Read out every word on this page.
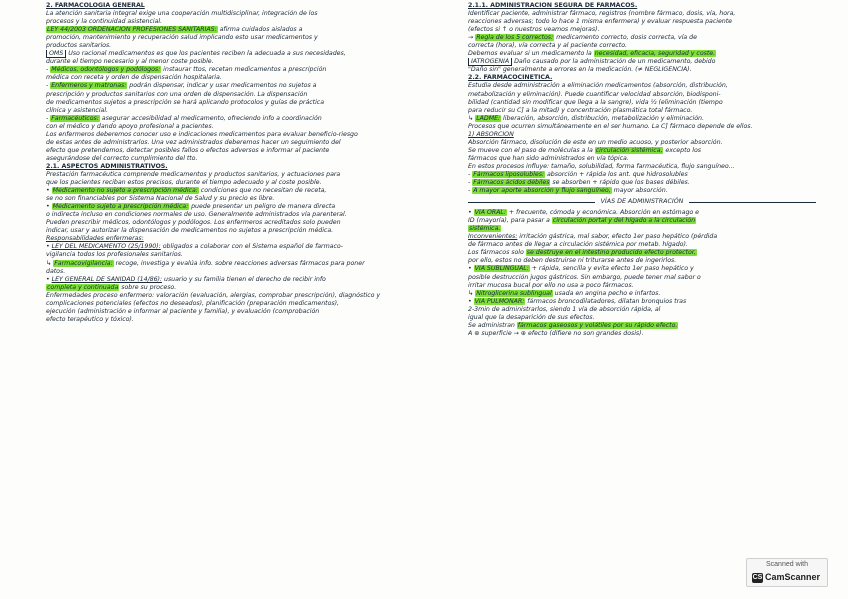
2. FARMACOLOGÍA GENERAL
La atención sanitaria integral exige una cooperación multidisciplinar, integración de los
procesos y la continuidad asistencial.
LEY 44/2003 ORDENACIÓN PROFESIONES SANITARIAS: afirma cuidados aislados a
promoción, mantenimiento y recuperación salud implicando esto usar medicamentos y
productos sanitarios.
OMS Uso racional medicamentos es que los pacientes reciben la adecuada a sus necesidades,
durante el tiempo necesario y al menor coste posible.
- Médicos, odontólogos y podólogos: instaurar ttos, recetan medicamentos a prescripción
médica con receta y orden de dispensación hospitalaria.
- Enfermeros y matronas: podrán dispensar, indicar y usar medicamentos no sujetos a
prescripción y productos sanitarios con una orden de dispensación. La dispensación
de medicamentos sujetos a prescripción se hará aplicando protocolos y guías de práctica
clínica y asistencial.
- Farmacéuticos: asegurar accesibilidad al medicamento, ofreciendo info a coordinación
con el médico y dando apoyo profesional a pacientes.
Los enfermeros deberemos conocer uso e indicaciones medicamentos para evaluar beneficio-riesgo
de estas antes de administrarlos. Una vez administrados deberemos hacer un seguimiento del
efecto que pretendemos, detectar posibles fallos o efectos adversos e informar al paciente
asegurándose del correcto cumplimiento del tto.
2.1. ASPECTOS ADMINISTRATIVOS.
Prestación farmacéutica comprende medicamentos y productos sanitarios, y actuaciones para
que los pacientes reciban estos precisos, durante el tiempo adecuado y al coste posible.
• Medicamento no sujeto a prescripción médica: condiciones que no necesitan de receta,
se no son financiables por Sistema Nacional de Salud y su precio es libre.
• Medicamento sujeto a prescripción médica: puede presentar un peligro de manera directa
o indirecta incluso en condiciones normales de uso. Generalmente administrados vía parenteral.
Pueden prescribir médicos, odontólogos y podólogos. Los enfermeros acreditados solo pueden
indicar, usar y autorizar la dispensación de medicamentos no sujetos a prescripción médica.
Responsabilidades enfermeras:
• LEY DEL MEDICAMENTO (25/1990): obligados a colaborar con el Sistema español de farmaco-
vigilancia todos los profesionales sanitarios.
↳ Farmacovigilancia: recoge, investiga y evalúa info. sobre reacciones adversas fármacos para poner
datos.
• LEY GENERAL DE SANIDAD (14/86): usuario y su familia tienen el derecho de recibir info
completa y continuada sobre su proceso.
Enfermedades proceso enfermero: valoración (evaluación, alergias, comprobar prescripción), diagnóstico y
complicaciones potenciales (efectos no deseados), planificación (preparación medicamentos),
ejecución (administración e informar al paciente y familia), y evaluación (comprobación
efecto terapéutico y tóxico).
2.1.1. ADMINISTRACIÓN SEGURA DE FÁRMACOS.
Identificar paciente, administrar fármaco, registros (nombre fármaco, dosis, vía, hora,
reacciones adversas; todo lo hace 1 misma enfermera) y evaluar respuesta paciente
(efectos si ↑ o nuestros veamos mejoras).
→ Regla de los 5 correctos: medicamento correcto, dosis correcta, vía de
correcta (hora), vía correcta y al paciente correcto.
Debemos evaluar si un medicamento la necesidad, eficacia, seguridad y coste.
IATROGENIA Daño causado por la administración de un medicamento, debido
"Daño sin" generalmente a errores en la medicación. (≠ NEGLIGENCIA).
2.2. FARMACOCINÉTICA.
Estudia desde administración a eliminación medicamentos (absorción, distribución,
metabolización y eliminación). Puede cuantificar velocidad absorción, biodisponi-
bilidad (cantidad sin modificar que llega a la sangre), vida ½ (eliminación (tiempo
para reducir su C] a la mitad) y concentración plasmática total fármaco.
↳ LADME: liberación, absorción, distribución, metabolización y eliminación.
Procesos que ocurren simultáneamente en el ser humano. La C] fármaco depende de ellos.
1) ABSORCIÓN
Absorción fármaco, disolución de este en un medio acuoso, y posterior absorción.
Se mueve con el paso de moléculas a la circulación sistémica, excepto los
fármacos que han sido administrados en vía tópica.
En estos procesos influye: tamaño, solubilidad, forma farmacéutica, flujo sanguíneo...
- Fármacos liposolubles: absorción + rápida los ant. que hidrosolubles
- Fármacos ácidos débiles se absorben + rápido que los bases débiles.
- A mayor aporte absorción y flujo sanguíneo, mayor absorción.
VÍAS DE ADMINISTRACIÓN
• VÍA ORAL: + frecuente, cómoda y económica. Absorción en estómago e
ID (mayoría), para pasar a circulación portal y del hígado a la circulación
sistémica.
Inconvenientes: irritación gástrica, mal sabor, efecto 1er paso hepático (pérdida
de fármaco antes de llegar a circulación sistémica por metab. hígado).
Los fármacos solo se destruye en el intestino producido efecto protector,
por ello, estos no deben destruirse ni triturarse antes de ingerirlos.
• VÍA SUBLINGUAL: + rápida, sencilla y evita efecto 1er paso hepático y
posible destrucción jugos gástricos. Sin embargo, puede tener mal sabor o
irritar mucosa bucal por ello no usa a poco fármacos.
↳ Nitroglicerina sublingual usada en angina pecho e infartos.
• VÍA PULMONAR: fármacos broncodilatadores, dilatan bronquios tras
2-3min de administrarlos, siendo 1 vía de absorción rápida, al
igual que la desaparición de sus efectos.
Se administran fármacos gaseosos y volátiles por su rápido efecto.
A ⊕ superficie → ⊕ efecto (difiere no son grandes dosis).
Scanned with
CS CamScanner
